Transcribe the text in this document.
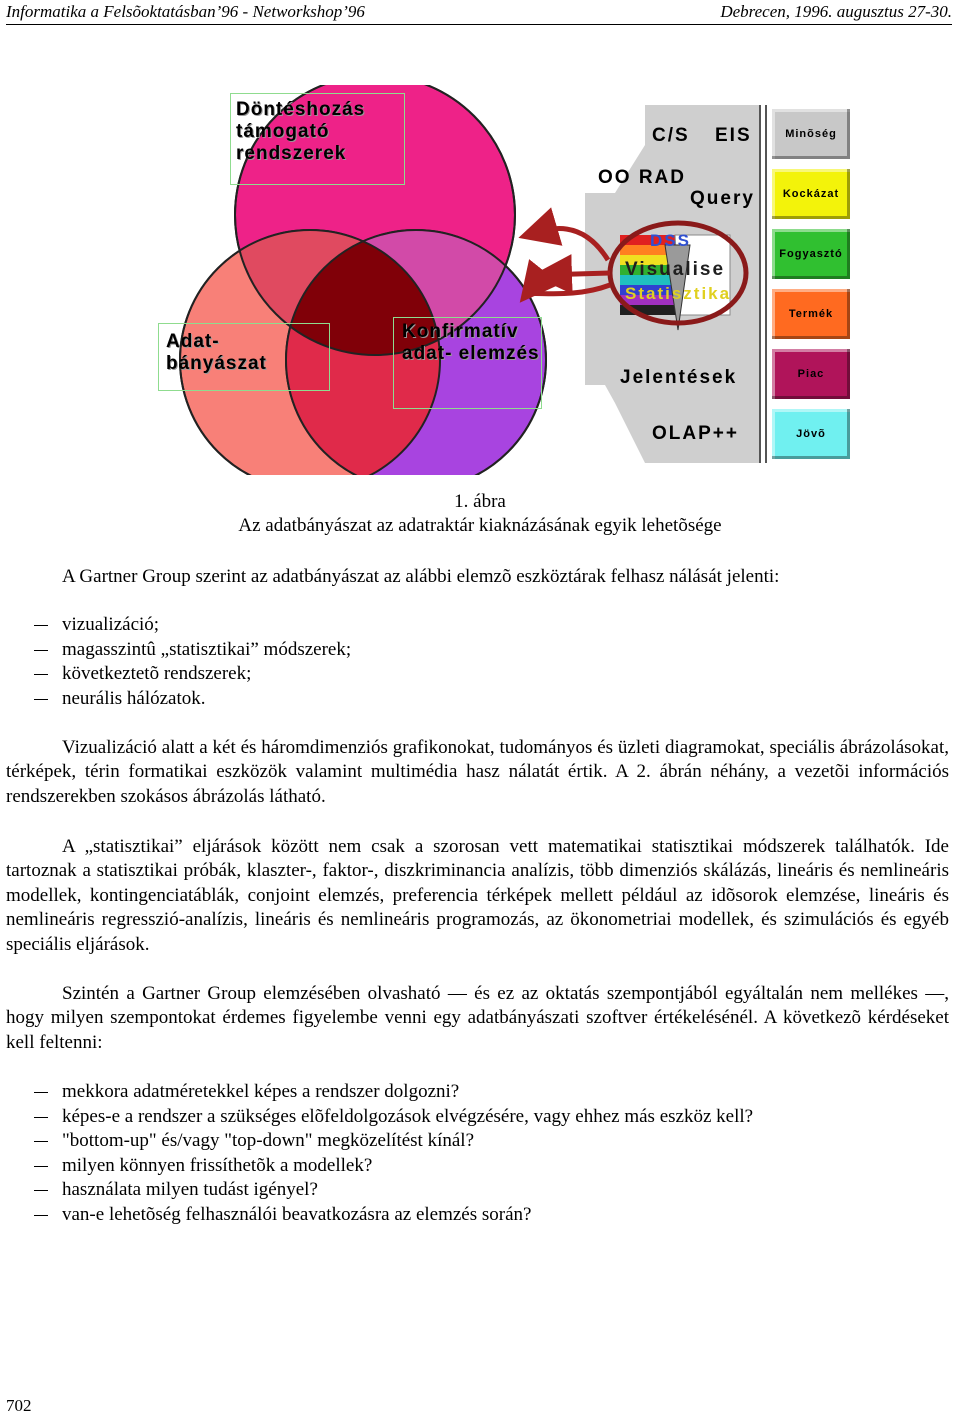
Informatika a Felsõoktatásban’96 - Networkshop’96	Debrecen, 1996. augusztus 27-30.
Döntéshozás támogató rendszerek
Adat- bányászat
Konfirmatív adat- elemzés
C/S EIS
OO RAD
Query
DSS
Visualise
Statisztika
Jelentések
OLAP++
Minõség
Kockázat
Fogyasztó
Termék
Piac
Jövõ
1. ábra
Az adatbányászat az adatraktár kiaknázásának egyik lehetõsége

A Gartner Group szerint az adatbányászat az alábbi elemzõ eszköztárak felhasz nálását jelenti:

vizualizáció;
magasszintû „statisztikai” módszerek;
következtetõ rendszerek;
neurális hálózatok.

Vizualizáció alatt a két és háromdimenziós grafikonokat, tudományos és üzleti diagramokat, speciális ábrázolásokat, térképek, térin formatikai eszközök valamint multimédia hasz nálatát értik. A 2. ábrán néhány, a vezetõi információs rendszerekben szokásos ábrázolás látható.

A „statisztikai” eljárások között nem csak a szorosan vett matematikai statisztikai módszerek találhatók. Ide tartoznak a statisztikai próbák, klaszter-, faktor-, diszkriminancia analízis, több dimenziós skálázás, lineáris és nemlineáris modellek, kontingenciatáblák, conjoint elemzés, preferencia térképek mellett például az idõsorok elemzése, lineáris és nemlineáris regresszió-analízis, lineáris és nemlineáris programozás, az ökonometriai modellek, és szimulációs és egyéb speciális eljárások.

Szintén a Gartner Group elemzésében olvasható — és ez az oktatás szempontjából egyáltalán nem mellékes —, hogy milyen szempontokat érdemes figyelembe venni egy adatbányászati szoftver értékelésénél. A következõ kérdéseket kell feltenni:

mekkora adatméretekkel képes a rendszer dolgozni?
képes-e a rendszer a szükséges elõfeldolgozások elvégzésére, vagy ehhez más eszköz kell?
"bottom-up" és/vagy "top-down" megközelítést kínál?
milyen könnyen frissíthetõk a modellek?
használata milyen tudást igényel?
van-e lehetõség felhasználói beavatkozásra az elemzés során?
702
